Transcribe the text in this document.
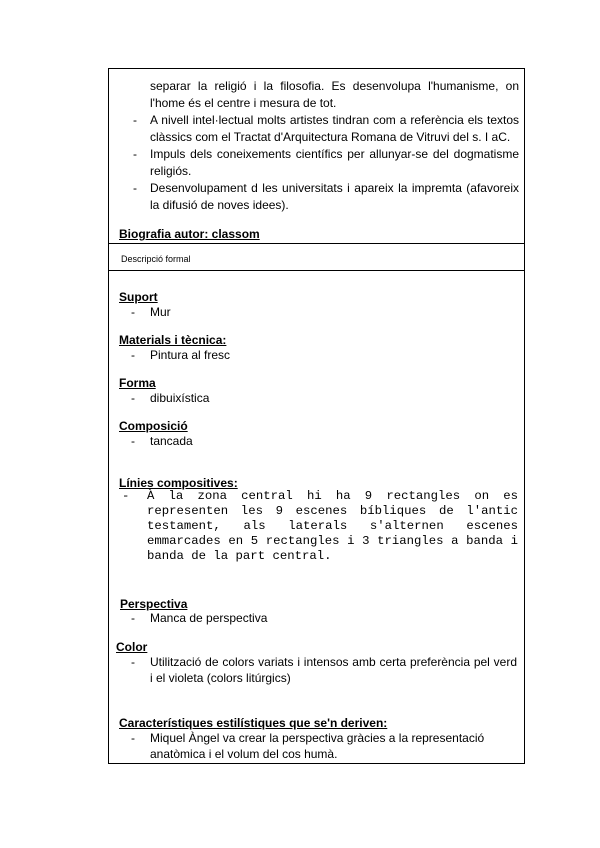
separar la religió i la filosofia. Es desenvolupa l'humanisme, on
l'home és el centre i mesura de tot.
- A nivell intel·lectual molts artistes tindran com a referència els textos
clàssics com el Tractat d'Arquitectura Romana de Vitruvi del s. I aC.
- Impuls dels coneixements científics per allunyar-se del dogmatisme
religiós.
- Desenvolupament d les universitats i apareix la impremta (afavoreix
la difusió de noves idees).
Biografia autor: classom
Descripció formal
Suport
- Mur
Materials i tècnica:
- Pintura al fresc
Forma
- dibuixística
Composició
- tancada
Línies compositives:
- À la zona central hi ha 9 rectangles on es
representen les 9 escenes bíbliques de l'antic
testament, als laterals s'alternen escenes
emmarcades en 5 rectangles i 3 triangles a banda i
banda de la part central.
Perspectiva
- Manca de perspectiva
Color
- Utilització de colors variats i intensos amb certa preferència pel verd
i el violeta (colors litúrgics)
Característiques estilístiques que se'n deriven:
- Miquel Àngel va crear la perspectiva gràcies a la representació
anatòmica i el volum del cos humà.
